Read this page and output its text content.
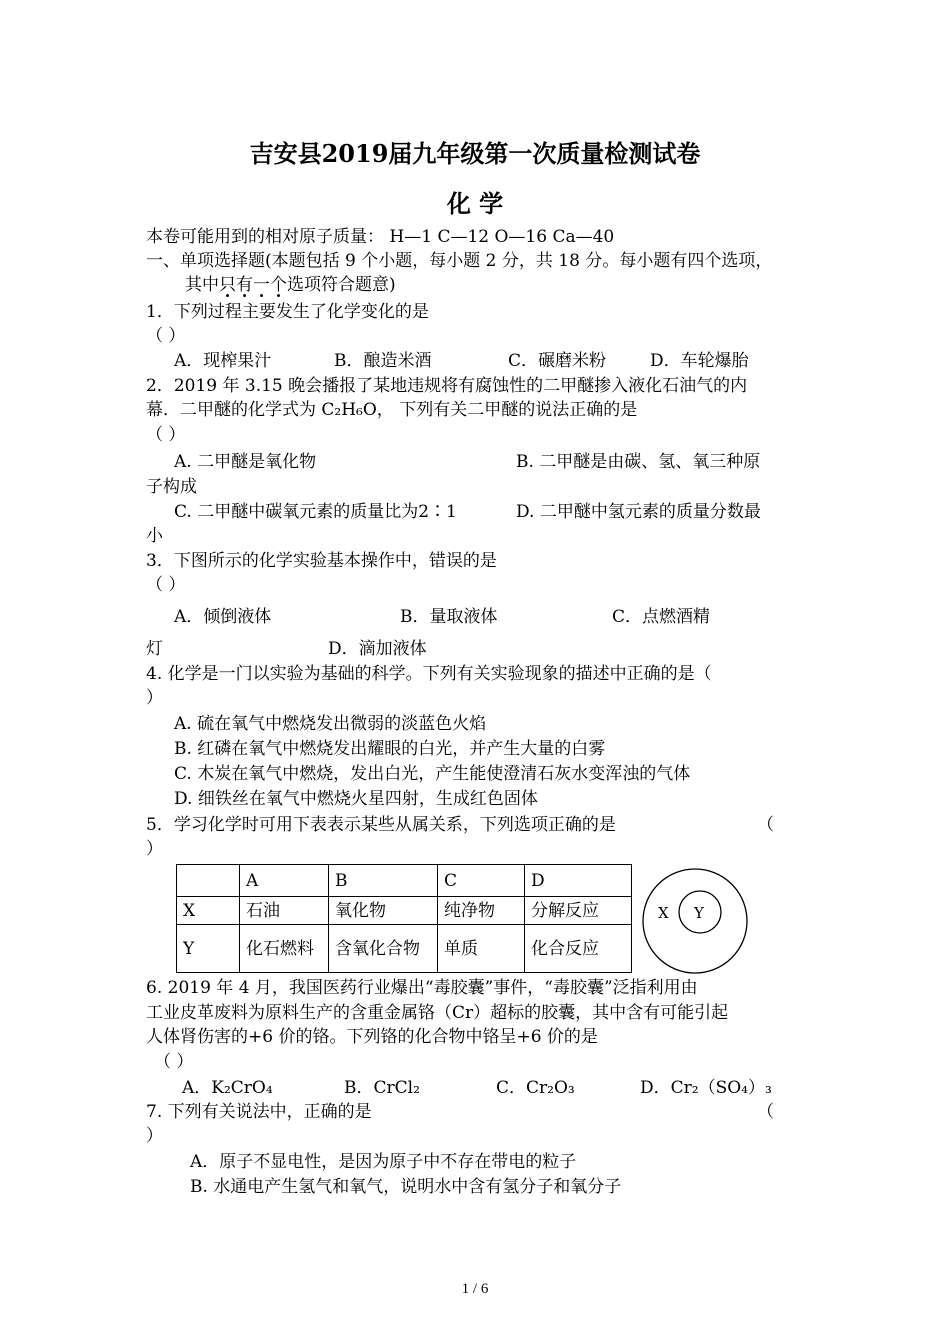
吉安县2019届九年级第一次质量检测试卷
化 学
本卷可能用到的相对原子质量： H—1 C—12 O—16 Ca—40
一、单项选择题(本题包括 9 个小题，每小题 2 分，共 18 分。每小题有四个选项，
其中只有一个选项符合题意)
1．下列过程主要发生了化学变化的是
（ ）
A．现榨果汁	B．酿造米酒	C．碾磨米粉	D．车轮爆胎
2．2019 年 3.15 晚会播报了某地违规将有腐蚀性的二甲醚掺入液化石油气的内
幕．二甲醚的化学式为 C₂H₆O， 下列有关二甲醚的说法正确的是
（ ）
A. 二甲醚是氧化物	B. 二甲醚是由碳、氢、氧三种原
子构成
C. 二甲醚中碳氧元素的质量比为2∶1	D. 二甲醚中氢元素的质量分数最
小
3．下图所示的化学实验基本操作中，错误的是
（ ）
A．倾倒液体	B．量取液体	C．点燃酒精
灯	D．滴加液体
4. 化学是一门以实验为基础的科学。下列有关实验现象的描述中正确的是（
）
A. 硫在氧气中燃烧发出微弱的淡蓝色火焰
B. 红磷在氧气中燃烧发出耀眼的白光，并产生大量的白雾
C. 木炭在氧气中燃烧，发出白光，产生能使澄清石灰水变浑浊的气体
D. 细铁丝在氧气中燃烧火星四射，生成红色固体
5．学习化学时可用下表表示某些从属关系，下列选项正确的是	（
）
	A	B	C	D
X	石油	氧化物	纯净物	分解反应
Y	化石燃料	含氧化合物	单质	化合反应
X Y
6. 2019 年 4 月，我国医药行业爆出“毒胶囊”事件，“毒胶囊”泛指利用由
工业皮革废料为原料生产的含重金属铬（Cr）超标的胶囊，其中含有可能引起
人体肾伤害的+6 价的铬。下列铬的化合物中铬呈+6 价的是
（ ）
A．K₂CrO₄	B．CrCl₂	C．Cr₂O₃	D．Cr₂（SO₄）₃
7. 下列有关说法中，正确的是	（
）
A．原子不显电性，是因为原子中不存在带电的粒子
B. 水通电产生氢气和氧气，说明水中含有氢分子和氧分子
1 / 6
